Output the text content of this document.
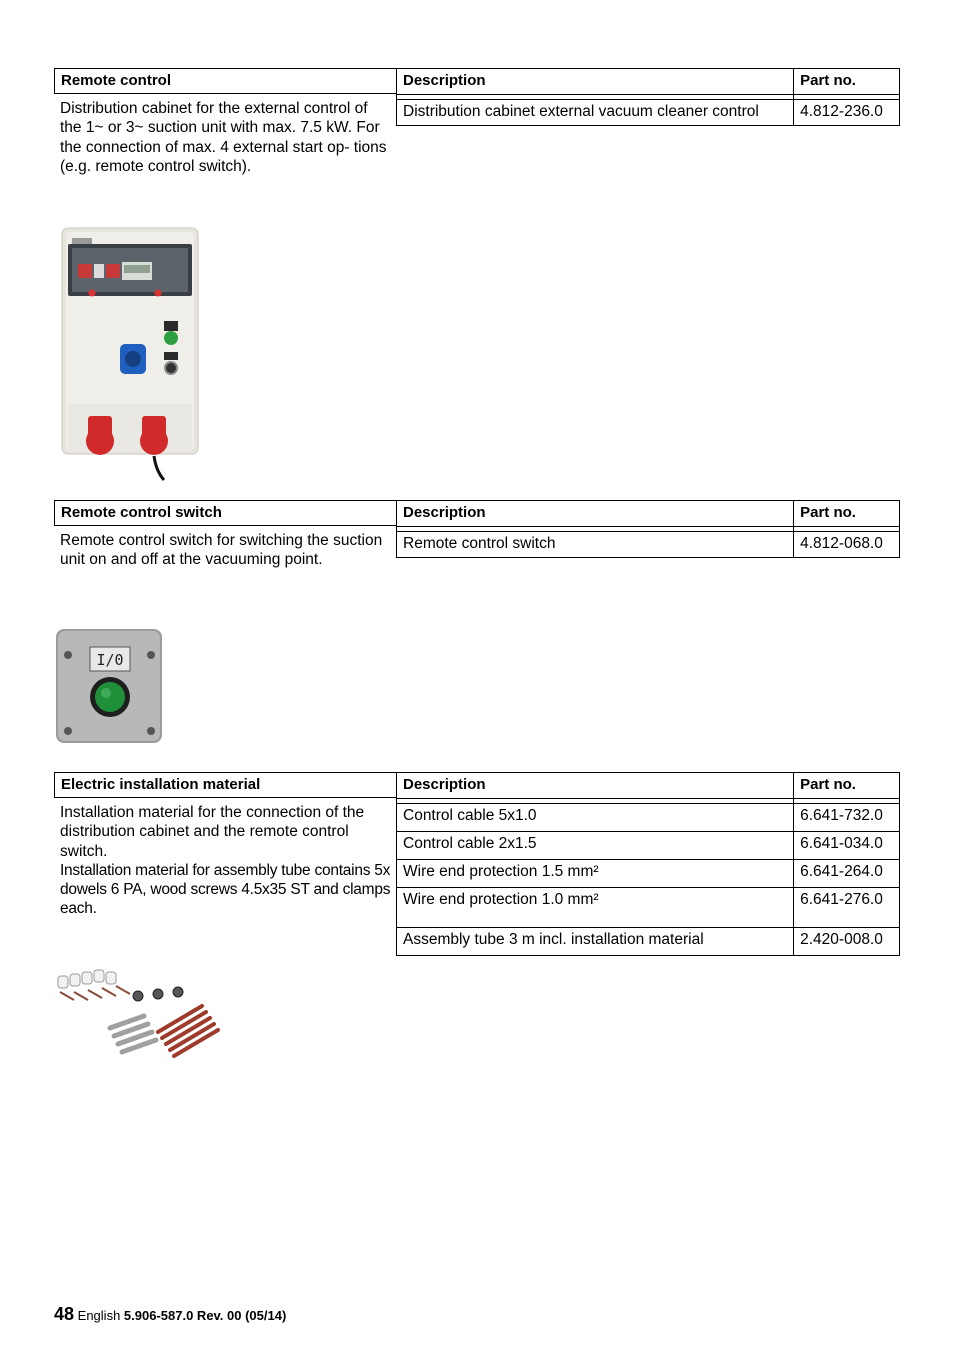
Remote control
Distribution cabinet for the external control of the 1~ or 3~ suction unit with max. 7.5 kW. For the connection of max. 4 external start op- tions (e.g. remote control switch).
Description	Part no.

Distribution cabinet external vacuum cleaner control	4.812-236.0
Remote control switch
Remote control switch for switching the suction unit on and off at the vacuuming point.
Description	Part no.

Remote control switch	4.812-068.0
I/0
Electric installation material
Installation material for the connection of the distribution cabinet and the remote control switch.
Installation material for assembly tube contains 5x dowels 6 PA, wood screws 4.5x35 ST and clamps each.
Description	Part no.

Control cable 5x1.0	6.641-732.0
Control cable 2x1.5	6.641-034.0
Wire end protection 1.5 mm²	6.641-264.0
Wire end protection 1.0 mm²	6.641-276.0
Assembly tube 3 m incl. installation material	2.420-008.0
48 English 5.906-587.0 Rev. 00 (05/14)
